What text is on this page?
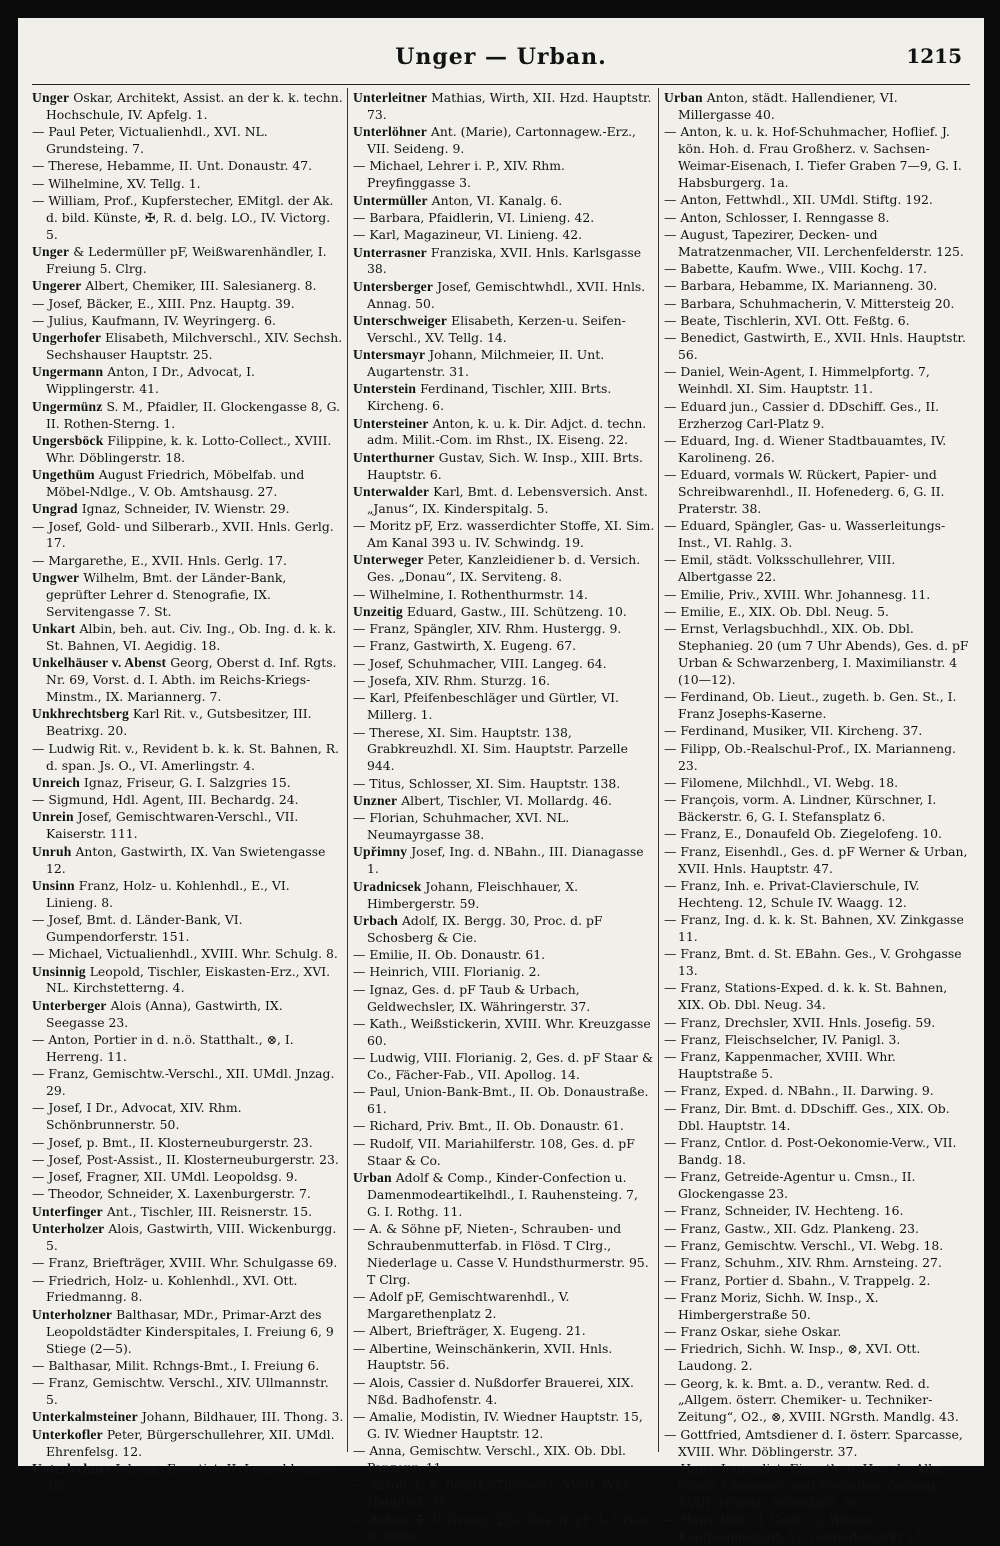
Unger — Urban.	1215
Unger Oskar, Architekt, Assist. an der k. k. techn. Hochschule, IV. Apfelg. 1.
— Paul Peter, Victualienhdl., XVI. NL. Grundsteing. 7.
— Therese, Hebamme, II. Unt. Donaustr. 47.
— Wilhelmine, XV. Tellg. 1.
— William, Prof., Kupferstecher, EMitgl. der Ak. d. bild. Künste, ✠, R. d. belg. LO., IV. Victorg. 5.
Unger & Ledermüller pF, Weißwarenhändler, I. Freiung 5. Clrg.
Ungerer Albert, Chemiker, III. Salesianerg. 8.
— Josef, Bäcker, E., XIII. Pnz. Hauptg. 39.
— Julius, Kaufmann, IV. Weyringerg. 6.
Ungerhofer Elisabeth, Milchverschl., XIV. Sechsh. Sechshauser Hauptstr. 25.
Ungermann Anton, I Dr., Advocat, I. Wipplingerstr. 41.
Ungermünz S. M., Pfaidler, II. Glockengasse 8, G. II. Rothen-Sterng. 1.
Ungersböck Filippine, k. k. Lotto-Collect., XVIII. Whr. Döblingerstr. 18.
Ungethüm August Friedrich, Möbelfab. und Möbel-Ndlge., V. Ob. Amtshausg. 27.
Ungrad Ignaz, Schneider, IV. Wienstr. 29.
— Josef, Gold- und Silberarb., XVII. Hnls. Gerlg. 17.
— Margarethe, E., XVII. Hnls. Gerlg. 17.
Ungwer Wilhelm, Bmt. der Länder-Bank, geprüfter Lehrer d. Stenografie, IX. Servitengasse 7. St.
Unkart Albin, beh. aut. Civ. Ing., Ob. Ing. d. k. k. St. Bahnen, VI. Aegidig. 18.
Unkelhäuser v. Abenst Georg, Oberst d. Inf. Rgts. Nr. 69, Vorst. d. I. Abth. im Reichs-Kriegs-Minstm., IX. Mariannerg. 7.
Unkhrechtsberg Karl Rit. v., Gutsbesitzer, III. Beatrixg. 20.
— Ludwig Rit. v., Revident b. k. k. St. Bahnen, R. d. span. Js. O., VI. Amerlingstr. 4.
Unreich Ignaz, Friseur, G. I. Salzgries 15.
— Sigmund, Hdl. Agent, III. Bechardg. 24.
Unrein Josef, Gemischtwaren-Verschl., VII. Kaiserstr. 111.
Unruh Anton, Gastwirth, IX. Van Swietengasse 12.
Unsinn Franz, Holz- u. Kohlenhdl., E., VI. Linieng. 8.
— Josef, Bmt. d. Länder-Bank, VI. Gumpendorferstr. 151.
— Michael, Victualienhdl., XVIII. Whr. Schulg. 8.
Unsinnig Leopold, Tischler, Eiskasten-Erz., XVI. NL. Kirchstetterng. 4.
Unterberger Alois (Anna), Gastwirth, IX. Seegasse 23.
— Anton, Portier in d. n.ö. Statthalt., ⊗, I. Herreng. 11.
— Franz, Gemischtw.-Verschl., XII. UMdl. Jnzag. 29.
— Josef, I Dr., Advocat, XIV. Rhm. Schönbrunnerstr. 50.
— Josef, p. Bmt., II. Klosterneuburgerstr. 23.
— Josef, Post-Assist., II. Klosterneuburgerstr. 23.
— Josef, Fragner, XII. UMdl. Leopoldsg. 9.
— Theodor, Schneider, X. Laxenburgerstr. 7.
Unterfinger Ant., Tischler, III. Reisnerstr. 15.
Unterholzer Alois, Gastwirth, VIII. Wickenburgg. 5.
— Franz, Briefträger, XVIII. Whr. Schulgasse 69.
— Friedrich, Holz- u. Kohlenhdl., XVI. Ott. Friedmanng. 8.
Unterholzner Balthasar, MDr., Primar-Arzt des Leopoldstädter Kinderspitales, I. Freiung 6, 9 Stiege (2—5).
— Balthasar, Milit. Rchngs-Bmt., I. Freiung 6.
— Franz, Gemischtw. Verschl., XIV. Ullmannstr. 5.
Unterkalmsteiner Johann, Bildhauer, III. Thong. 3.
Unterkofler Peter, Bürgerschullehrer, XII. UMdl. Ehrenfelsg. 12.
Unterlechner Johann, Econtist, II. Leopoldsgasse 26.
Unterleitner Mathias, Wirth, XII. Hzd. Hauptstr. 73.
Unterlöhner Ant. (Marie), Cartonnagew.-Erz., VII. Seideng. 9.
— Michael, Lehrer i. P., XIV. Rhm. Preyfinggasse 3.
Untermüller Anton, VI. Kanalg. 6.
— Barbara, Pfaidlerin, VI. Linieng. 42.
— Karl, Magazineur, VI. Linieng. 42.
Unterrasner Franziska, XVII. Hnls. Karlsgasse 38.
Untersberger Josef, Gemischtwhdl., XVII. Hnls. Annag. 50.
Unterschweiger Elisabeth, Kerzen-u. Seifen-Verschl., XV. Tellg. 14.
Untersmayr Johann, Milchmeier, II. Unt. Augartenstr. 31.
Unterstein Ferdinand, Tischler, XIII. Brts. Kircheng. 6.
Untersteiner Anton, k. u. k. Dir. Adjct. d. techn. adm. Milit.-Com. im Rhst., IX. Eiseng. 22.
Unterthurner Gustav, Sich. W. Insp., XIII. Brts. Hauptstr. 6.
Unterwalder Karl, Bmt. d. Lebensversich. Anst. „Janus“, IX. Kinderspitalg. 5.
— Moritz pF, Erz. wasserdichter Stoffe, XI. Sim. Am Kanal 393 u. IV. Schwindg. 19.
Unterweger Peter, Kanzleidiener b. d. Versich. Ges. „Donau“, IX. Serviteng. 8.
— Wilhelmine, I. Rothenthurmstr. 14.
Unzeitig Eduard, Gastw., III. Schützeng. 10.
— Franz, Spängler, XIV. Rhm. Hustergg. 9.
— Franz, Gastwirth, X. Eugeng. 67.
— Josef, Schuhmacher, VIII. Langeg. 64.
— Josefa, XIV. Rhm. Sturzg. 16.
— Karl, Pfeifenbeschläger und Gürtler, VI. Millerg. 1.
— Therese, XI. Sim. Hauptstr. 138, Grabkreuzhdl. XI. Sim. Hauptstr. Parzelle 944.
— Titus, Schlosser, XI. Sim. Hauptstr. 138.
Unzner Albert, Tischler, VI. Mollardg. 46.
— Florian, Schuhmacher, XVI. NL. Neumayrgasse 38.
Upřimny Josef, Ing. d. NBahn., III. Dianagasse 1.
Uradnicsek Johann, Fleischhauer, X. Himbergerstr. 59.
Urbach Adolf, IX. Bergg. 30, Proc. d. pF Schosberg & Cie.
— Emilie, II. Ob. Donaustr. 61.
— Heinrich, VIII. Florianig. 2.
— Ignaz, Ges. d. pF Taub & Urbach, Geldwechsler, IX. Währingerstr. 37.
— Kath., Weißstickerin, XVIII. Whr. Kreuzgasse 60.
— Ludwig, VIII. Florianig. 2, Ges. d. pF Staar & Co., Fächer-Fab., VII. Apollog. 14.
— Paul, Union-Bank-Bmt., II. Ob. Donaustraße. 61.
— Richard, Priv. Bmt., II. Ob. Donaustr. 61.
— Rudolf, VII. Mariahilferstr. 108, Ges. d. pF Staar & Co.
Urban Adolf & Comp., Kinder-Confection u. Damenmodeartikelhdl., I. Rauhensteing. 7, G. I. Rothg. 11.
— A. & Söhne pF, Nieten-, Schrauben- und Schraubenmutterfab. in Flösd. T Clrg., Niederlage u. Casse V. Hundsthurmerstr. 95. T Clrg.
— Adolf pF, Gemischtwarenhdl., V. Margarethenplatz 2.
— Albert, Briefträger, X. Eugeng. 21.
— Albertine, Weinschänkerin, XVII. Hnls. Hauptstr. 56.
— Alois, Cassier d. Nußdorfer Brauerei, XIX. Nßd. Badhofenstr. 4.
— Amalie, Modistin, IV. Wiedner Hauptstr. 15, G. IV. Wiedner Hauptstr. 12.
— Anna, Gemischtw. Verschl., XIX. Ob. Dbl. Panzerg. 11.
— Anton, k. k. Bezirks-Thierarzt, XVIII. Whr. Hauptstr. 37.
— Anton, ✠, V. Griesg. 23a, Ges. d. pF A. Urban & Söhne.
Urban Anton, städt. Hallendiener, VI. Millergasse 40.
— Anton, k. u. k. Hof-Schuhmacher, Hoflief. J. kön. Hoh. d. Frau Großherz. v. Sachsen-Weimar-Eisenach, I. Tiefer Graben 7—9, G. I. Habsburgerg. 1a.
— Anton, Fettwhdl., XII. UMdl. Stiftg. 192.
— Anton, Schlosser, I. Renngasse 8.
— August, Tapezirer, Decken- und Matratzenmacher, VII. Lerchenfelderstr. 125.
— Babette, Kaufm. Wwe., VIII. Kochg. 17.
— Barbara, Hebamme, IX. Marianneng. 30.
— Barbara, Schuhmacherin, V. Mittersteig 20.
— Beate, Tischlerin, XVI. Ott. Feßtg. 6.
— Benedict, Gastwirth, E., XVII. Hnls. Hauptstr. 56.
— Daniel, Wein-Agent, I. Himmelpfortg. 7, Weinhdl. XI. Sim. Hauptstr. 11.
— Eduard jun., Cassier d. DDschiff. Ges., II. Erzherzog Carl-Platz 9.
— Eduard, Ing. d. Wiener Stadtbauamtes, IV. Karolineng. 26.
— Eduard, vormals W. Rückert, Papier- und Schreibwarenhdl., II. Hofenederg. 6, G. II. Praterstr. 38.
— Eduard, Spängler, Gas- u. Wasserleitungs-Inst., VI. Rahlg. 3.
— Emil, städt. Volksschullehrer, VIII. Albertgasse 22.
— Emilie, Priv., XVIII. Whr. Johannesg. 11.
— Emilie, E., XIX. Ob. Dbl. Neug. 5.
— Ernst, Verlagsbuchhdl., XIX. Ob. Dbl. Stephanieg. 20 (um 7 Uhr Abends), Ges. d. pF Urban & Schwarzenberg, I. Maximilianstr. 4 (10—12).
— Ferdinand, Ob. Lieut., zugeth. b. Gen. St., I. Franz Josephs-Kaserne.
— Ferdinand, Musiker, VII. Kircheng. 37.
— Filipp, Ob.-Realschul-Prof., IX. Marianneng. 23.
— Filomene, Milchhdl., VI. Webg. 18.
— François, vorm. A. Lindner, Kürschner, I. Bäckerstr. 6, G. I. Stefansplatz 6.
— Franz, E., Donaufeld Ob. Ziegelofeng. 10.
— Franz, Eisenhdl., Ges. d. pF Werner & Urban, XVII. Hnls. Hauptstr. 47.
— Franz, Inh. e. Privat-Clavierschule, IV. Hechteng. 12, Schule IV. Waagg. 12.
— Franz, Ing. d. k. k. St. Bahnen, XV. Zinkgasse 11.
— Franz, Bmt. d. St. EBahn. Ges., V. Grohgasse 13.
— Franz, Stations-Exped. d. k. k. St. Bahnen, XIX. Ob. Dbl. Neug. 34.
— Franz, Drechsler, XVII. Hnls. Josefig. 59.
— Franz, Fleischselcher, IV. Panigl. 3.
— Franz, Kappenmacher, XVIII. Whr. Hauptstraße 5.
— Franz, Exped. d. NBahn., II. Darwing. 9.
— Franz, Dir. Bmt. d. DDschiff. Ges., XIX. Ob. Dbl. Hauptstr. 14.
— Franz, Cntlor. d. Post-Oekonomie-Verw., VII. Bandg. 18.
— Franz, Getreide-Agentur u. Cmsn., II. Glockengasse 23.
— Franz, Schneider, IV. Hechteng. 16.
— Franz, Gastw., XII. Gdz. Plankeng. 23.
— Franz, Gemischtw. Verschl., VI. Webg. 18.
— Franz, Schuhm., XIV. Rhm. Arnsteing. 27.
— Franz, Portier d. Sbahn., V. Trappelg. 2.
— Franz Moriz, Sichh. W. Insp., X. Himbergerstraße 50.
— Franz Oskar, siehe Oskar.
— Friedrich, Sichh. W. Insp., ⊗, XVI. Ott. Laudong. 2.
— Georg, k. k. Bmt. a. D., verantw. Red. d. „Allgem. österr. Chemiker- u. Techniker-Zeitung“, O2., ⊗, XVIII. NGrsth. Mandlg. 43.
— Gottfried, Amtsdiener d. I. österr. Sparcasse, XVIII. Whr. Döblingerstr. 37.
— Hans, Journalist, Eigenth. u. Her. d. „Allg. österr. Chemiker- und Techniker-Zeitung“, XVIII. NGrsth. Scheidlstr. 26.
— Hans, Bmt. d. Grem. d. Wiener Kaufmannschaft, VI. Getreidemarkt 15.
